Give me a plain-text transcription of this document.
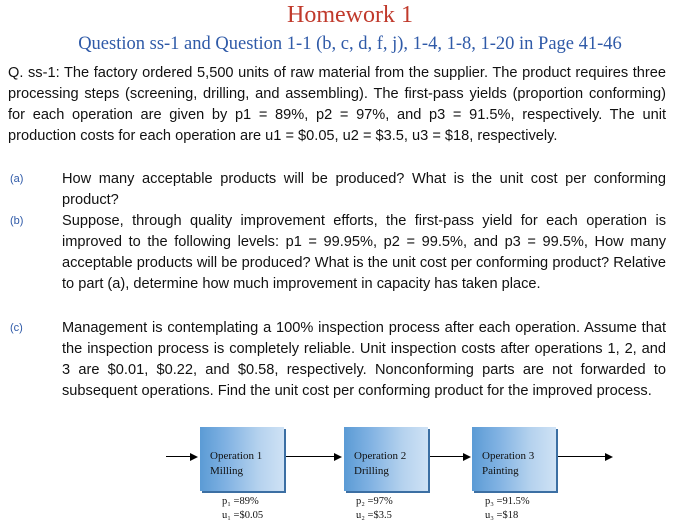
Homework 1
Question ss-1 and Question 1-1 (b, c, d, f, j), 1-4, 1-8, 1-20 in Page 41-46
Q. ss-1: The factory ordered 5,500 units of raw material from the supplier. The product requires three processing steps (screening, drilling, and assembling). The first-pass yields (proportion conforming) for each operation are given by p1 = 89%, p2 = 97%, and p3 = 91.5%, respectively. The unit production costs for each operation are u1 = $0.05, u2 = $3.5, u3 = $18, respectively.
(a)	How many acceptable products will be produced? What is the unit cost per conforming product?
(b)	Suppose, through quality improvement efforts, the first-pass yield for each operation is improved to the following levels: p1 = 99.95%, p2 = 99.5%, and p3 = 99.5%, How many acceptable products will be produced? What is the unit cost per conforming product? Relative to part (a), determine how much improvement in capacity has taken place.
(c)	Management is contemplating a 100% inspection process after each operation. Assume that the inspection process is completely reliable. Unit inspection costs after operations 1, 2, and 3 are $0.01, $0.22, and $0.58, respectively. Nonconforming parts are not forwarded to subsequent operations. Find the unit cost per conforming product for the improved process.
Operation 1
Milling
Operation 2
Drilling
Operation 3
Painting
p₁ =89%
u₁ =$0.05
p₂ =97%
u₂ =$3.5
p₃ =91.5%
u₃ =$18
